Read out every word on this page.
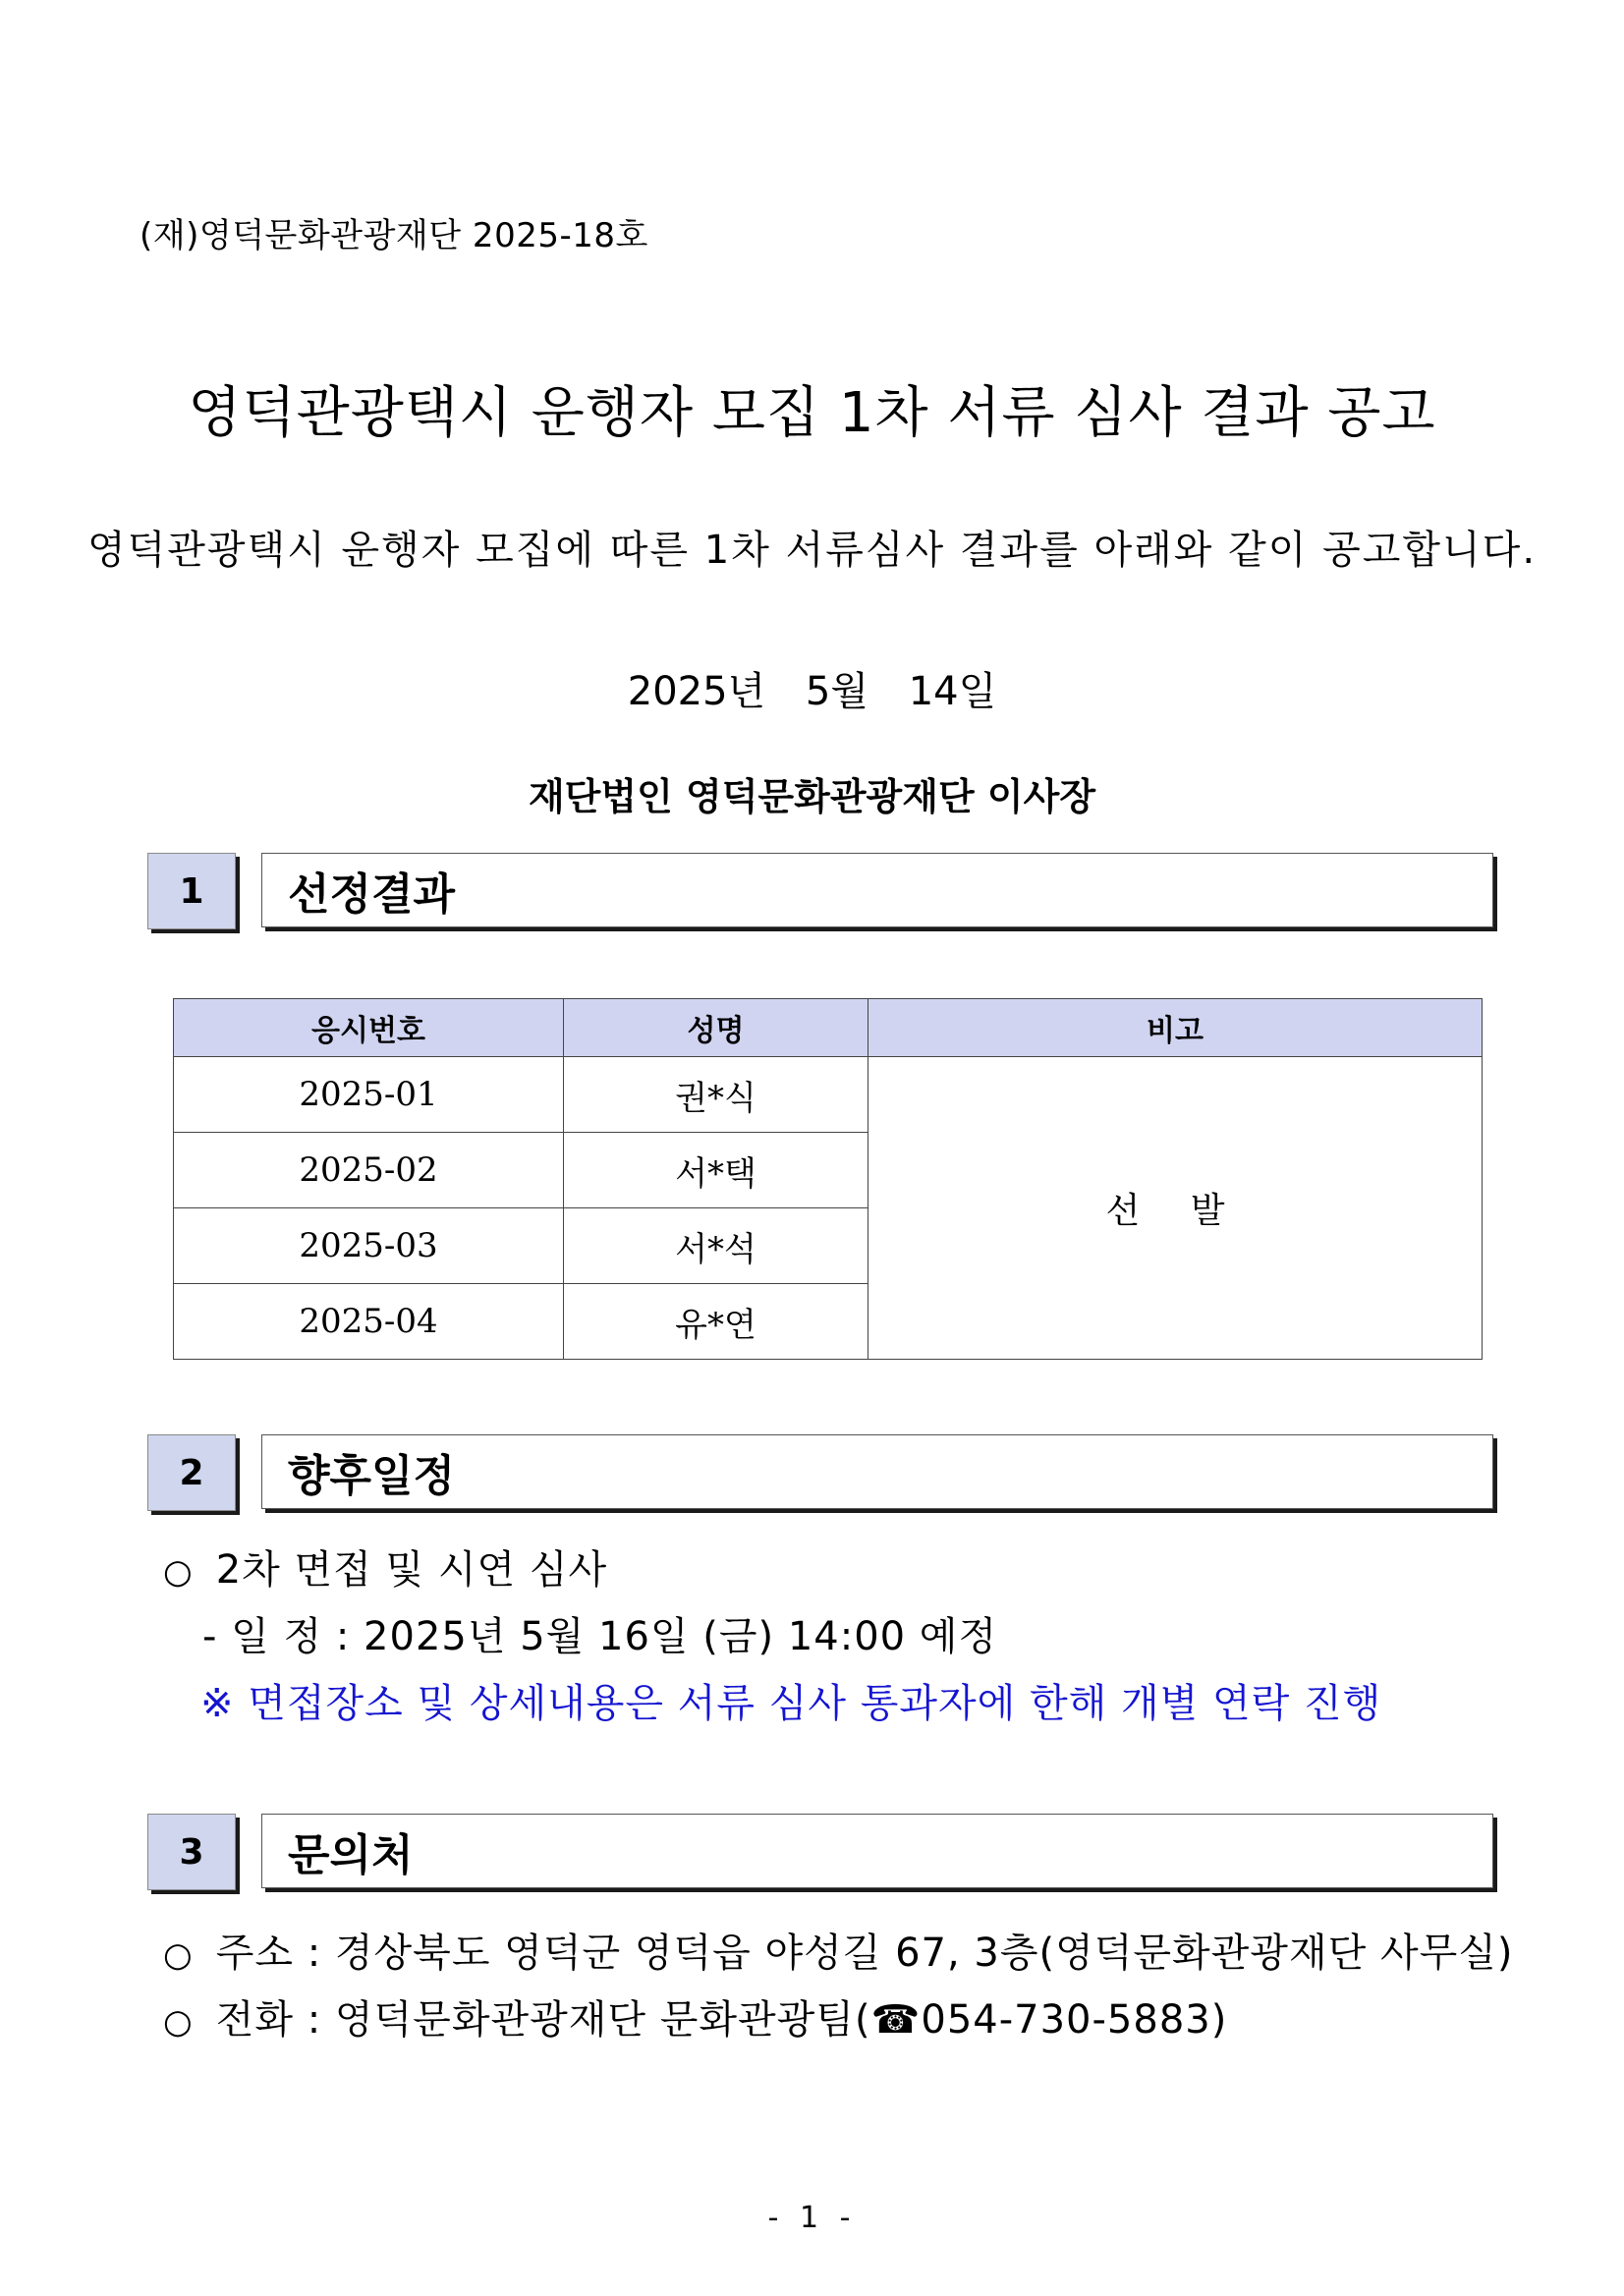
(재)영덕문화관광재단 2025-18호
영덕관광택시 운행자 모집 1차 서류 심사 결과 공고
영덕관광택시 운행자 모집에 따른 1차 서류심사 결과를 아래와 같이 공고합니다.
2025년 5월 14일
재단법인 영덕문화관광재단 이사장
1	선정결과
응시번호	성명	비고
2025-01	권*식	선 발
2025-02	서*택	
2025-03	서*석	
2025-04	유*연	
2	향후일정
○ 2차 면접 및 시연 심사
- 일 정 : 2025년 5월 16일 (금) 14:00 예정
※ 면접장소 및 상세내용은 서류 심사 통과자에 한해 개별 연락 진행
3	문의처
○ 주소 : 경상북도 영덕군 영덕읍 야성길 67, 3층(영덕문화관광재단 사무실)
○ 전화 : 영덕문화관광재단 문화관광팀(☎054-730-5883)
- 1 -
